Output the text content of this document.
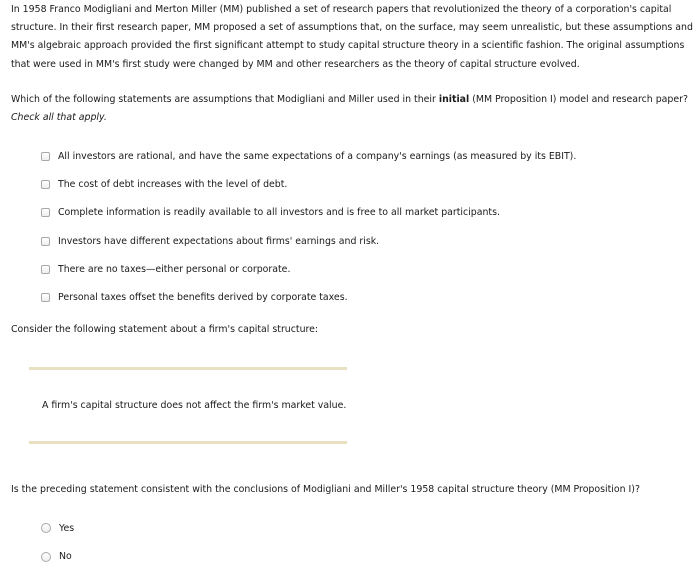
In 1958 Franco Modigliani and Merton Miller (MM) published a set of research papers that revolutionized the theory of a corporation's capital structure. In their first research paper, MM proposed a set of assumptions that, on the surface, may seem unrealistic, but these assumptions and MM's algebraic approach provided the first significant attempt to study capital structure theory in a scientific fashion. The original assumptions that were used in MM's first study were changed by MM and other researchers as the theory of capital structure evolved.

Which of the following statements are assumptions that Modigliani and Miller used in their initial (MM Proposition I) model and research paper? Check all that apply.

All investors are rational, and have the same expectations of a company's earnings (as measured by its EBIT).
The cost of debt increases with the level of debt.
Complete information is readily available to all investors and is free to all market participants.
Investors have different expectations about firms' earnings and risk.
There are no taxes—either personal or corporate.
Personal taxes offset the benefits derived by corporate taxes.

Consider the following statement about a firm's capital structure:

A firm's capital structure does not affect the firm's market value.

Is the preceding statement consistent with the conclusions of Modigliani and Miller's 1958 capital structure theory (MM Proposition I)?

Yes
No
